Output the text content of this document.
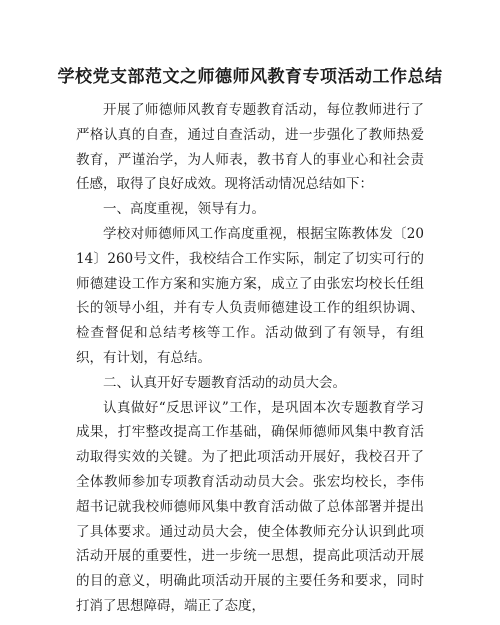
学校党支部范文之师德师风教育专项活动工作总结

开展了师德师风教育专题教育活动，每位教师进行了严格认真的自查，通过自查活动，进一步强化了教师热爱教育，严谨治学，为人师表，教书育人的事业心和社会责任感，取得了良好成效。现将活动情况总结如下：

一、高度重视，领导有力。

学校对师德师风工作高度重视，根据宝陈教体发〔2014〕260号文件，我校结合工作实际，制定了切实可行的师德建设工作方案和实施方案，成立了由张宏均校长任组长的领导小组，并有专人负责师德建设工作的组织协调、检查督促和总结考核等工作。活动做到了有领导，有组织，有计划，有总结。

二、认真开好专题教育活动的动员大会。

认真做好“反思评议”工作，是巩固本次专题教育学习成果，打牢整改提高工作基础，确保师德师风集中教育活动取得实效的关键。为了把此项活动开展好，我校召开了全体教师参加专项教育活动动员大会。张宏均校长，李伟超书记就我校师德师风集中教育活动做了总体部署并提出了具体要求。通过动员大会，使全体教师充分认识到此项活动开展的重要性，进一步统一思想，提高此项活动开展的目的意义，明确此项活动开展的主要任务和要求，同时打消了思想障碍，端正了态度，
